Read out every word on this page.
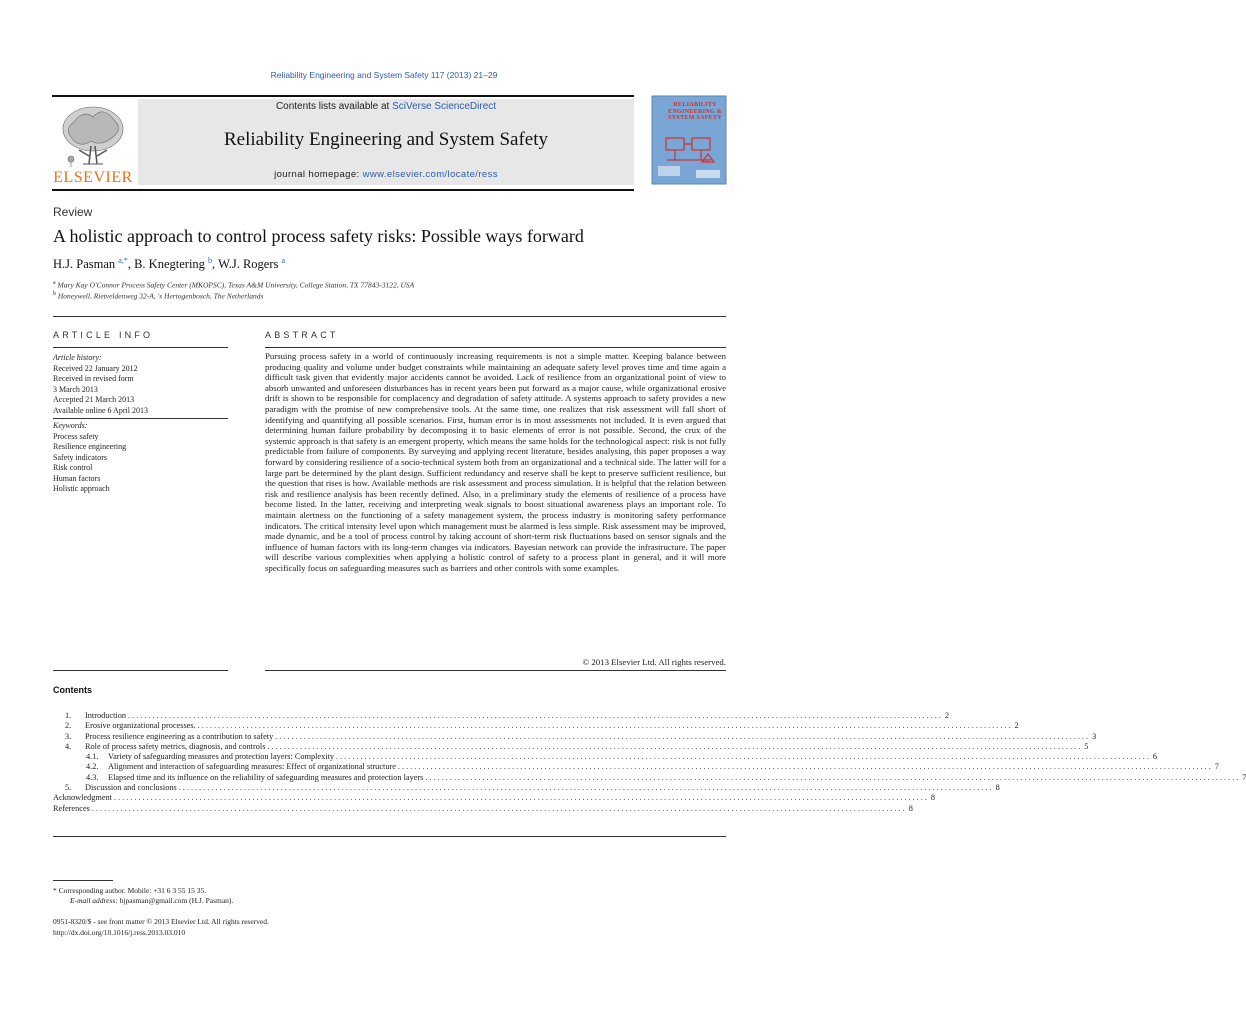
Reliability Engineering and System Safety 117 (2013) 21–29
ELSEVIER
Contents lists available at SciVerse ScienceDirect
Reliability Engineering and System Safety
journal homepage: www.elsevier.com/locate/ress
RELIABILITY ENGINEERING & SYSTEM SAFETY
Review
A holistic approach to control process safety risks: Possible ways forward
H.J. Pasman $^{a,*}$, B. Knegtering $^b$, W.J. Rogers $^a$
$^a$ Mary Kay O'Connor Process Safety Center (MKOPSC), Texas A&M University, College Station, TX 77843-3122, USA
$^b$ Honeywell, Rietveldenweg 32-A, 's Hertogenbosch, The Netherlands
ARTICLE INFO	ABSTRACT
Article history:
Received 22 January 2012
Received in revised form
3 March 2013
Accepted 21 March 2013
Available online 6 April 2013
Keywords:
Process safety
Resilience engineering
Safety indicators
Risk control
Human factors
Holistic approach
Pursuing process safety in a world of continuously increasing requirements is not a simple matter. Keeping balance between producing quality and volume under budget constraints while maintaining an adequate safety level proves time and time again a difficult task given that evidently major accidents cannot be avoided. Lack of resilience from an organizational point of view to absorb unwanted and unforeseen disturbances has in recent years been put forward as a major cause, while organizational erosive drift is shown to be responsible for complacency and degradation of safety attitude. A systems approach to safety provides a new paradigm with the promise of new comprehensive tools. At the same time, one realizes that risk assessment will fall short of identifying and quantifying all possible scenarios. First, human error is in most assessments not included. It is even argued that determining human failure probability by decomposing it to basic elements of error is not possible. Second, the crux of the systemic approach is that safety is an emergent property, which means the same holds for the technological aspect: risk is not fully predictable from failure of components. By surveying and applying recent literature, besides analysing, this paper proposes a way forward by considering resilience of a socio-technical system both from an organizational and a technical side. The latter will for a large part be determined by the plant design. Sufficient redundancy and reserve shall be kept to preserve sufficient resilience, but the question that rises is how. Available methods are risk assessment and process simulation. It is helpful that the relation between risk and resilience analysis has been recently defined. Also, in a preliminary study the elements of resilience of a process have become listed. In the latter, receiving and interpreting weak signals to boost situational awareness plays an important role. To maintain alertness on the functioning of a safety management system, the process industry is monitoring safety performance indicators. The critical intensity level upon which management must be alarmed is less simple. Risk assessment may be improved, made dynamic, and be a tool of process control by taking account of short-term risk fluctuations based on sensor signals and the influence of human factors with its long-term changes via indicators. Bayesian network can provide the infrastructure. The paper will describe various complexities when applying a holistic control of safety to a process plant in general, and it will more specifically focus on safeguarding measures such as barriers and other controls with some examples.
© 2013 Elsevier Ltd. All rights reserved.
Contents
1.	Introduction ........................................................................................................................................................................................................ 2
2.	Erosive organizational processes. ........................................................................................................................................................................................................ 2
3.	Process resilience engineering as a contribution to safety ........................................................................................................................................................................................................ 3
4.	Role of process safety metrics, diagnosis, and controls ........................................................................................................................................................................................................ 5
4.1.	Variety of safeguarding measures and protection layers: Complexity ........................................................................................................................................................................................................ 6
4.2.	Alignment and interaction of safeguarding measures: Effect of organizational structure ........................................................................................................................................................................................................ 7
4.3.	Elapsed time and its influence on the reliability of safeguarding measures and protection layers ........................................................................................................................................................................................................ 7
5.	Discussion and conclusions ........................................................................................................................................................................................................ 8
Acknowledgment ........................................................................................................................................................................................................ 8
References ........................................................................................................................................................................................................ 8
* Corresponding author. Mobile: +31 6 3 55 15 35.
E-mail address: hjpasman@gmail.com (H.J. Pasman).
0951-8320/$ - see front matter © 2013 Elsevier Ltd. All rights reserved.
http://dx.doi.org/10.1016/j.ress.2013.03.010
